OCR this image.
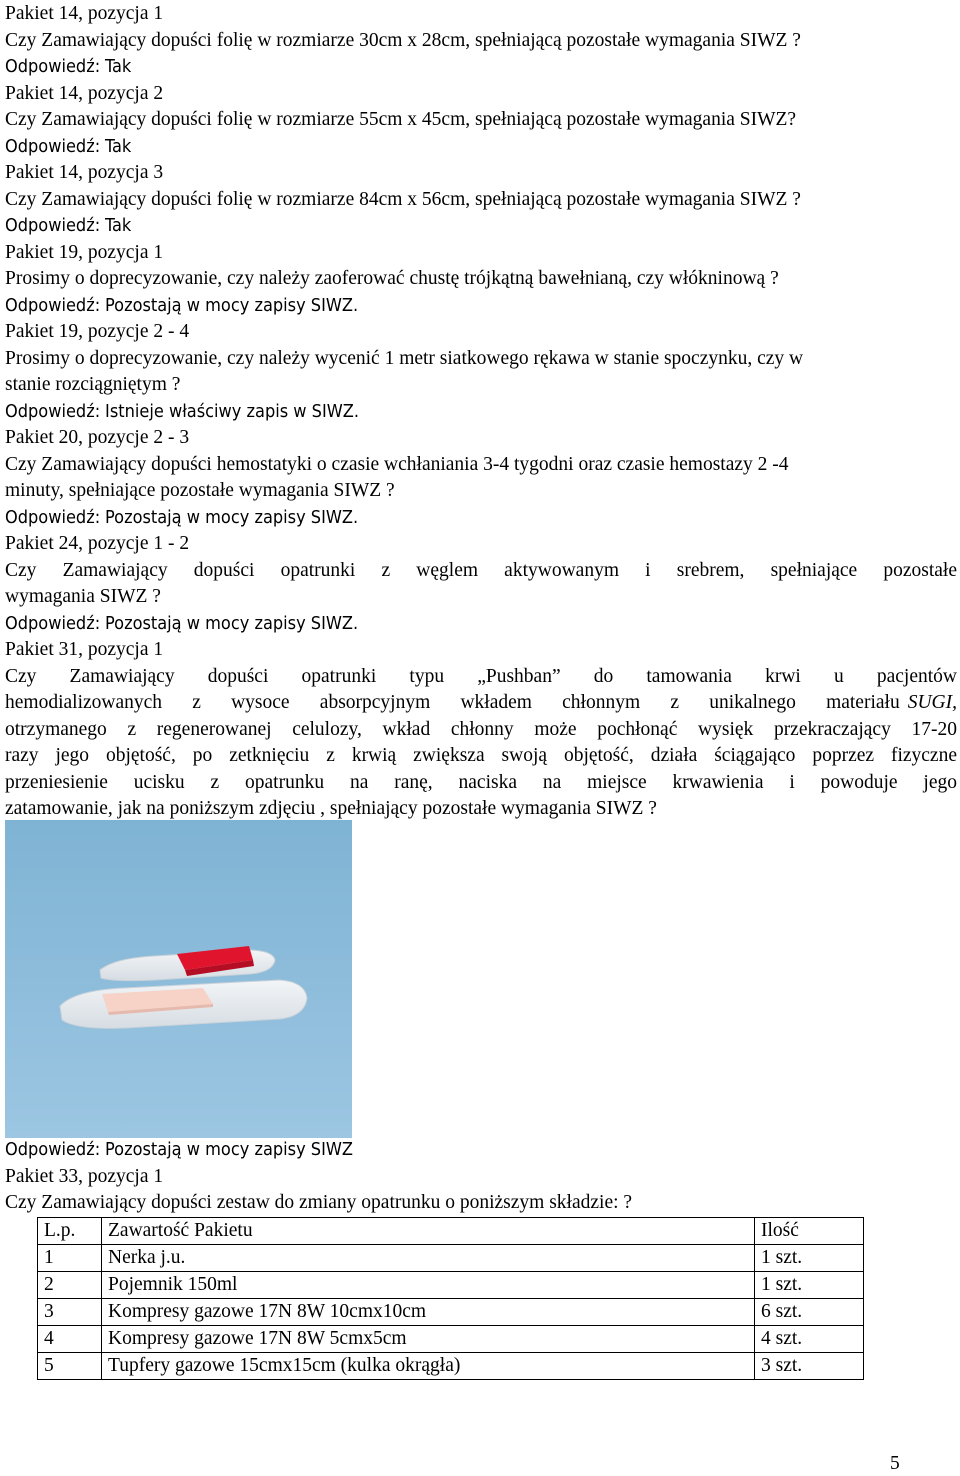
Pakiet 14, pozycja 1
Czy Zamawiający dopuści folię w rozmiarze 30cm x 28cm, spełniającą pozostałe wymagania SIWZ ?
Odpowiedź: Tak
Pakiet 14, pozycja 2
Czy Zamawiający dopuści folię w rozmiarze 55cm x 45cm, spełniającą pozostałe wymagania SIWZ?
Odpowiedź: Tak
Pakiet 14, pozycja 3
Czy Zamawiający dopuści folię w rozmiarze 84cm x 56cm, spełniającą pozostałe wymagania SIWZ ?
Odpowiedź: Tak
Pakiet 19, pozycja 1
Prosimy o doprecyzowanie, czy należy zaoferować chustę trójkątną bawełnianą, czy włókninową ?
Odpowiedź: Pozostają w mocy zapisy SIWZ.
Pakiet 19, pozycje 2 - 4
Prosimy o doprecyzowanie, czy należy wycenić 1 metr siatkowego rękawa w stanie spoczynku, czy w
stanie rozciągniętym ?
Odpowiedź: Istnieje właściwy zapis w SIWZ.
Pakiet 20, pozycje 2 - 3
Czy Zamawiający dopuści hemostatyki o czasie wchłaniania 3-4 tygodni oraz czasie hemostazy 2 -4
minuty, spełniające pozostałe wymagania SIWZ ?
Odpowiedź: Pozostają w mocy zapisy SIWZ.
Pakiet 24, pozycje 1 - 2
Czy Zamawiający dopuści opatrunki z węglem aktywowanym i srebrem, spełniające pozostałe
wymagania SIWZ ?
Odpowiedź: Pozostają w mocy zapisy SIWZ.
Pakiet 31, pozycja 1
Czy Zamawiający dopuści opatrunki typu „Pushban” do tamowania krwi u pacjentów
hemodializowanych z wysoce absorpcyjnym wkładem chłonnym z unikalnego materiału SUGI,
otrzymanego z regenerowanej celulozy, wkład chłonny może pochłonąć wysięk przekraczający 17-20
razy jego objętość, po zetknięciu z krwią zwiększa swoją objętość, działa ściągająco poprzez fizyczne
przeniesienie ucisku z opatrunku na ranę, naciska na miejsce krwawienia i powoduje jego
zatamowanie, jak na poniższym zdjęciu , spełniający pozostałe wymagania SIWZ ?
Odpowiedź: Pozostają w mocy zapisy SIWZ
Pakiet 33, pozycja 1
Czy Zamawiający dopuści zestaw do zmiany opatrunku o poniższym składzie: ?
L.p.	Zawartość Pakietu	Ilość
1	Nerka j.u.	1 szt.
2	Pojemnik 150ml	1 szt.
3	Kompresy gazowe 17N 8W 10cmx10cm	6 szt.
4	Kompresy gazowe 17N 8W 5cmx5cm	4 szt.
5	Tupfery gazowe 15cmx15cm (kulka okrągła)	3 szt.
5
